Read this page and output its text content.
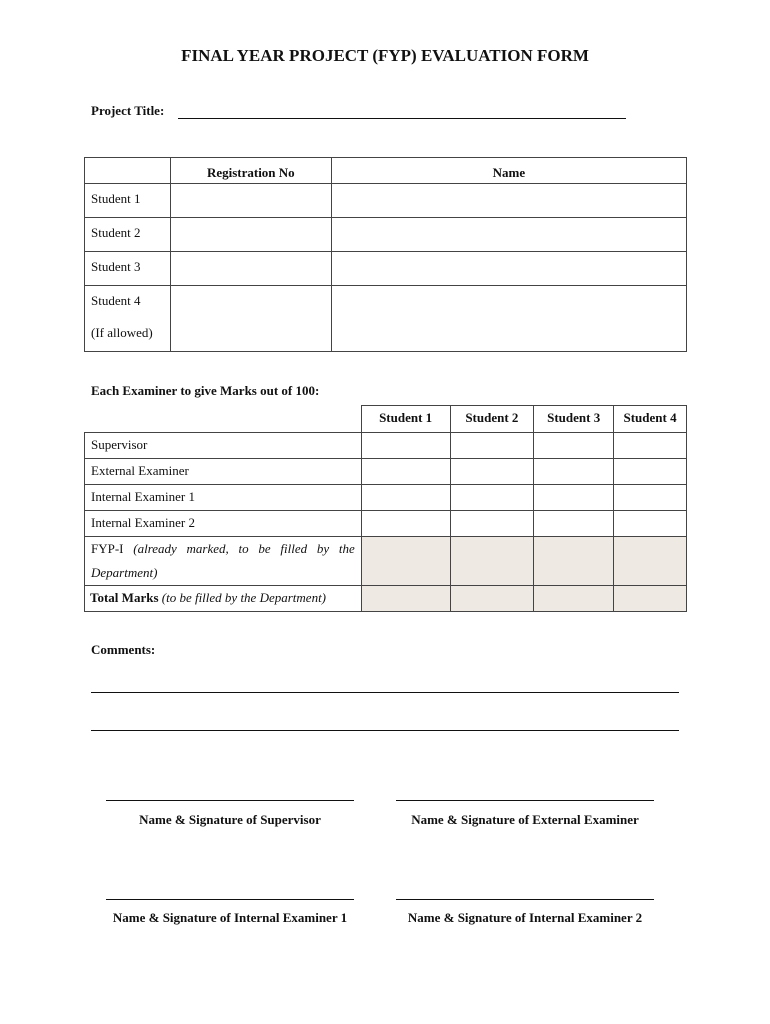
FINAL YEAR PROJECT (FYP) EVALUATION FORM
Project Title:
	Registration No	Name
Student 1		
Student 2		
Student 3		

Student 4

(If allowed)		

Each Examiner to give Marks out of 100:
	Student 1	Student 2	Student 3	Student 4
Supervisor				
External Examiner				
Internal Examiner 1				
Internal Examiner 2				
FYP-I (already marked, to be filled by the Department)				
Total Marks (to be filled by the Department)				
Comments:
Name & Signature of Supervisor	Name & Signature of External Examiner
Name & Signature of Internal Examiner 1	Name & Signature of Internal Examiner 2
